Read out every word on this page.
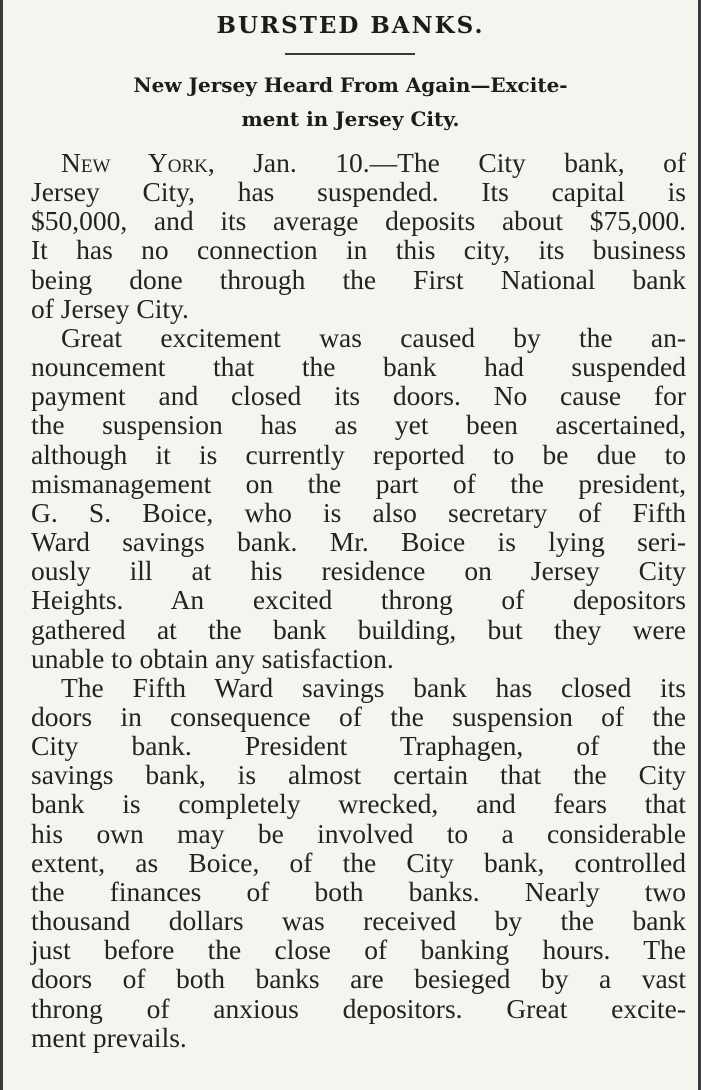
BURSTED BANKS.
New Jersey Heard From Again—Excite-
ment in Jersey City.
New York, Jan. 10.—The City bank, of
Jersey City, has suspended. Its capital is
$50,000, and its average deposits about $75,000.
It has no connection in this city, its business
being done through the First National bank
of Jersey City.
Great excitement was caused by the an-
nouncement that the bank had suspended
payment and closed its doors. No cause for
the suspension has as yet been ascertained,
although it is currently reported to be due to
mismanagement on the part of the president,
G. S. Boice, who is also secretary of Fifth
Ward savings bank. Mr. Boice is lying seri-
ously ill at his residence on Jersey City
Heights. An excited throng of depositors
gathered at the bank building, but they were
unable to obtain any satisfaction.
The Fifth Ward savings bank has closed its
doors in consequence of the suspension of the
City bank. President Traphagen, of the
savings bank, is almost certain that the City
bank is completely wrecked, and fears that
his own may be involved to a considerable
extent, as Boice, of the City bank, controlled
the finances of both banks. Nearly two
thousand dollars was received by the bank
just before the close of banking hours. The
doors of both banks are besieged by a vast
throng of anxious depositors. Great excite-
ment prevails.
